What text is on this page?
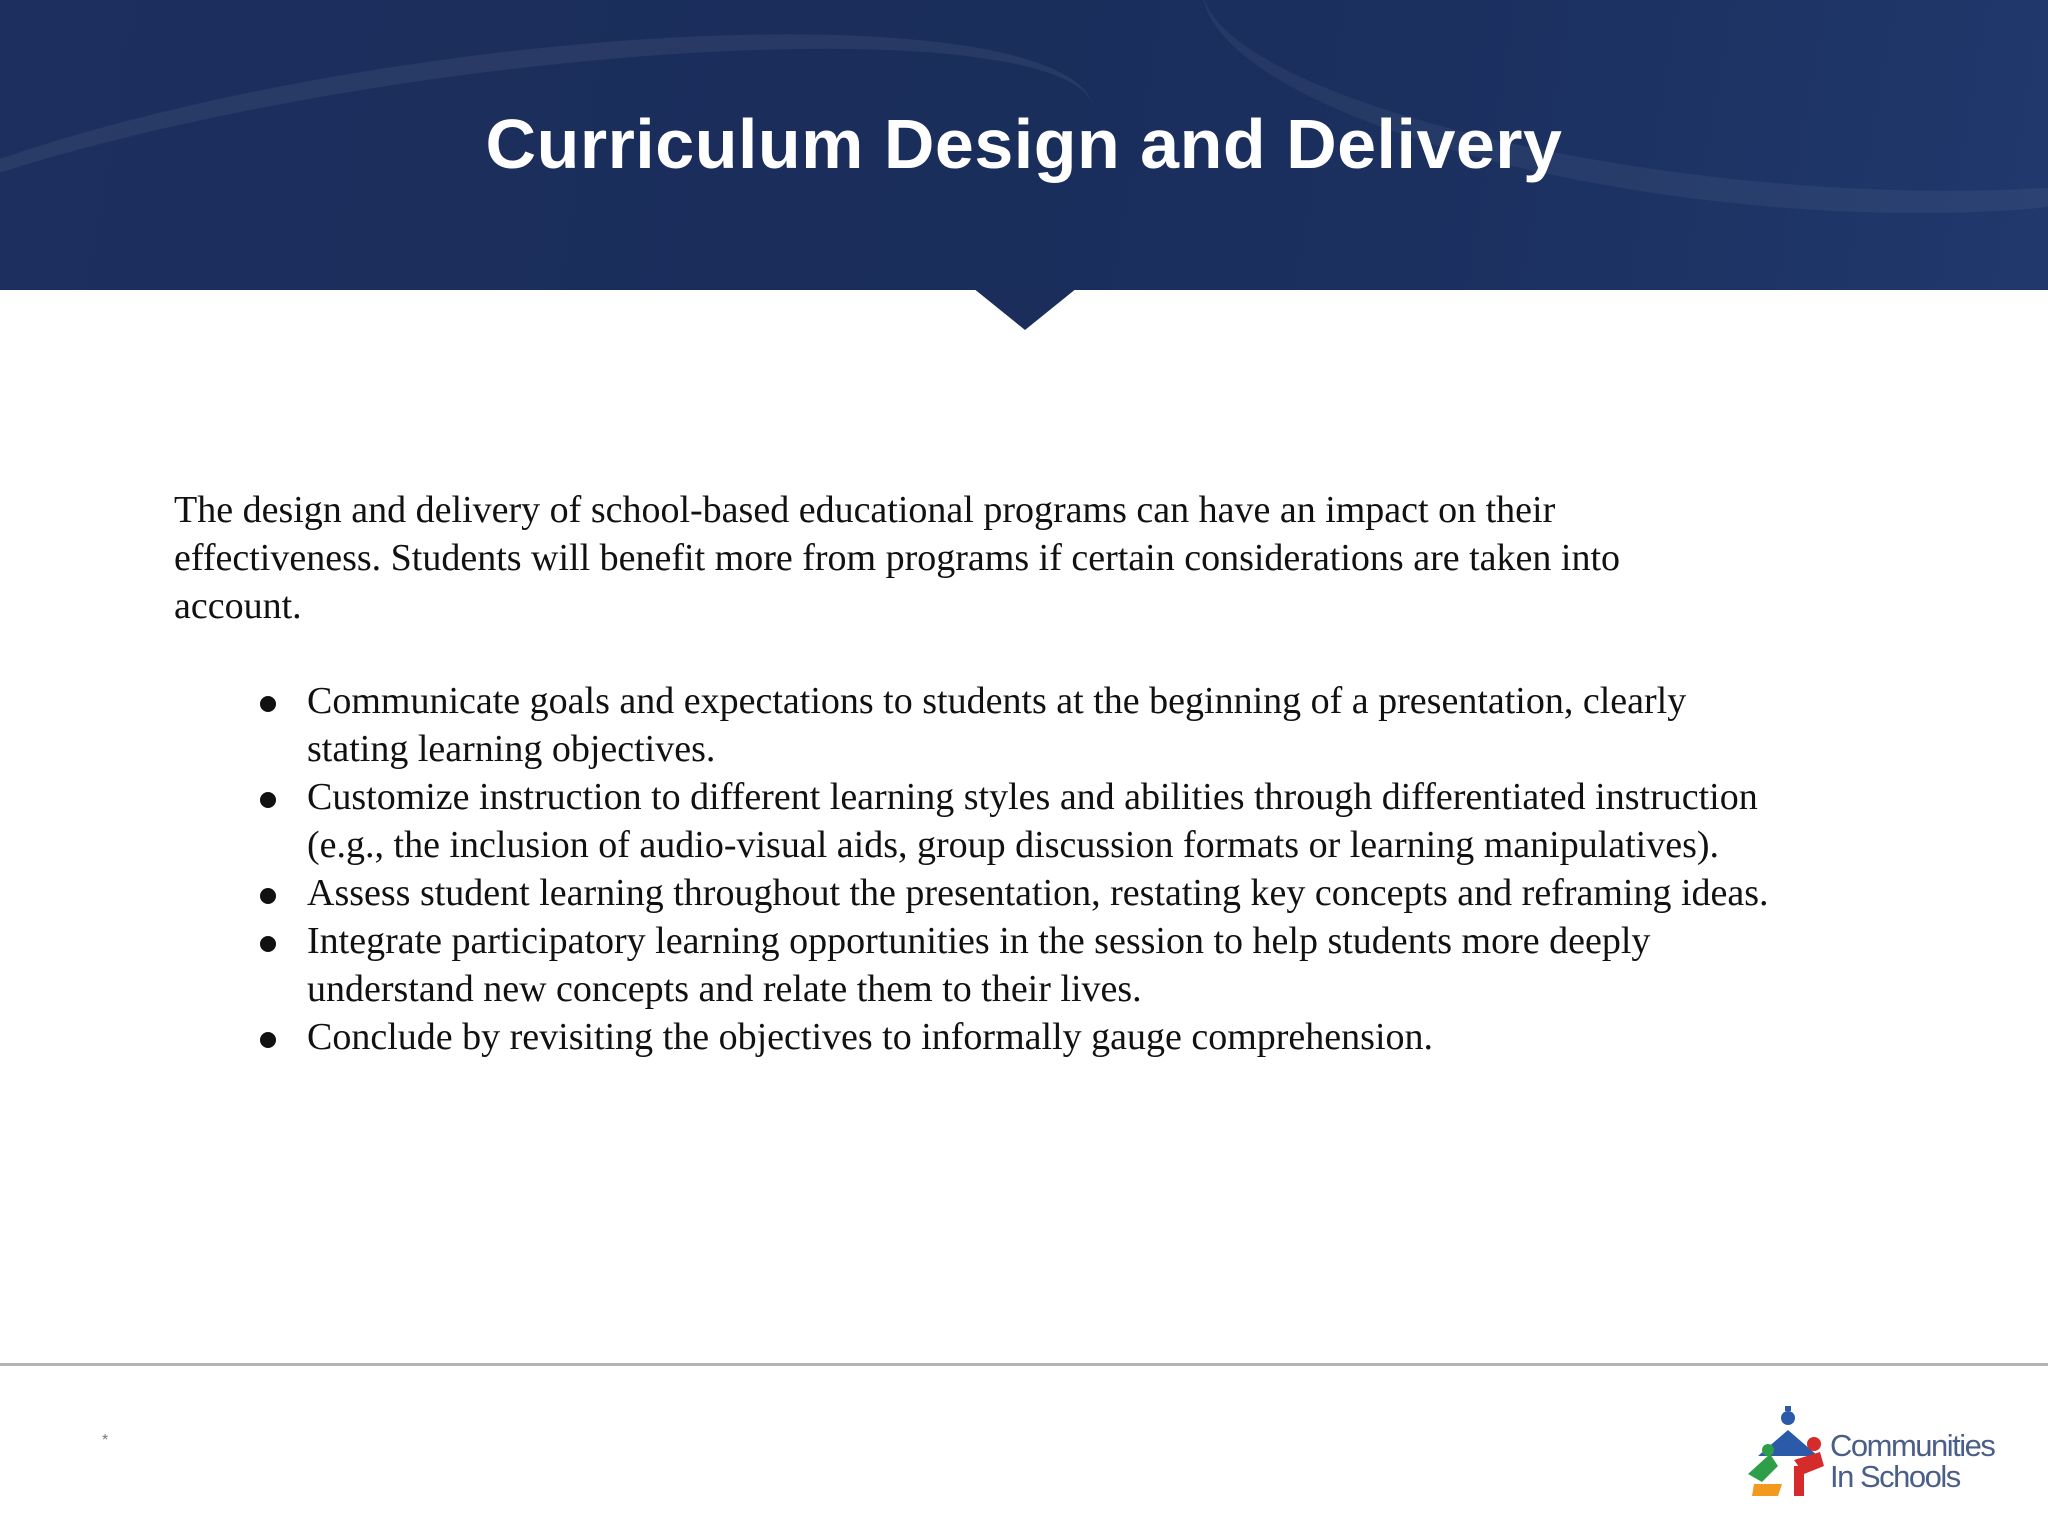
Curriculum Design and Delivery

The design and delivery of school-based educational programs can have an impact on their effectiveness. Students will benefit more from programs if certain considerations are taken into account.

Communicate goals and expectations to students at the beginning of a presentation, clearly stating learning objectives.
Customize instruction to different learning styles and abilities through differentiated instruction (e.g., the inclusion of audio-visual aids, group discussion formats or learning manipulatives).
Assess student learning throughout the presentation, restating key concepts and reframing ideas.
Integrate participatory learning opportunities in the session to help students more deeply understand new concepts and relate them to their lives.
Conclude by revisiting the objectives to informally gauge comprehension.
*	Communities
In Schools
